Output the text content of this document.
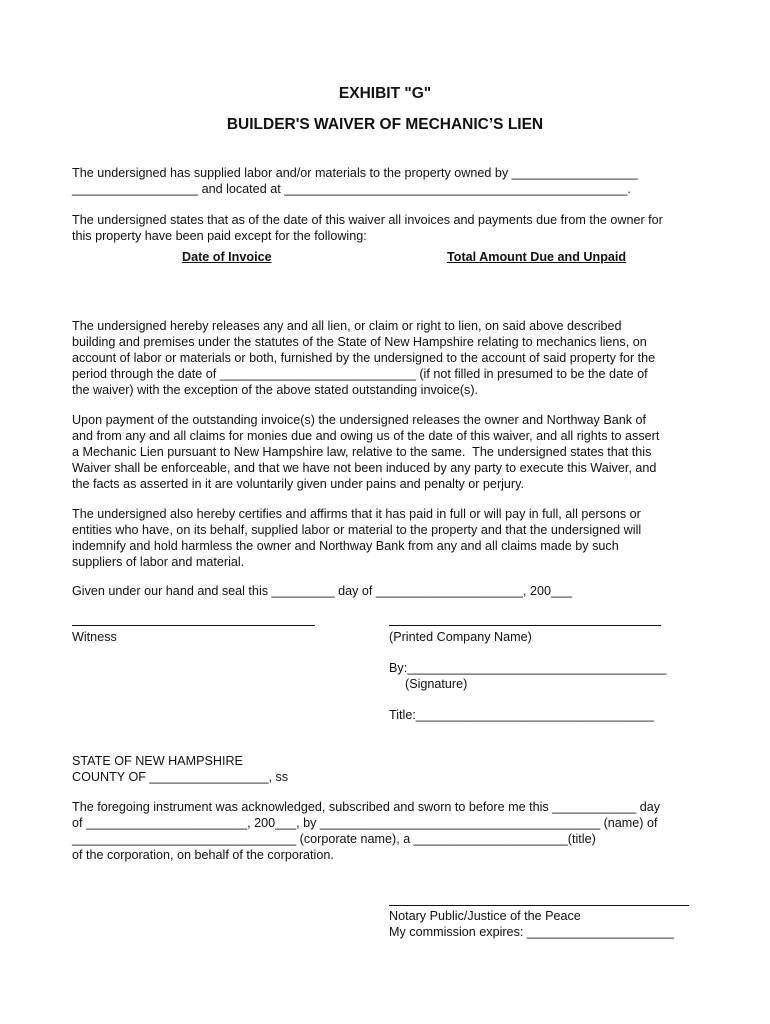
EXHIBIT "G"
BUILDER'S WAIVER OF MECHANIC’S LIEN
The undersigned has supplied labor and/or materials to the property owned by __________________
__________________ and located at _________________________________________________.
The undersigned states that as of the date of this waiver all invoices and payments due from the owner for
this property have been paid except for the following:
Date of Invoice	Total Amount Due and Unpaid
The undersigned hereby releases any and all lien, or claim or right to lien, on said above described
building and premises under the statutes of the State of New Hampshire relating to mechanics liens, on
account of labor or materials or both, furnished by the undersigned to the account of said property for the
period through the date of ____________________________ (if not filled in presumed to be the date of
the waiver) with the exception of the above stated outstanding invoice(s).
Upon payment of the outstanding invoice(s) the undersigned releases the owner and Northway Bank of
and from any and all claims for monies due and owing us of the date of this waiver, and all rights to assert
a Mechanic Lien pursuant to New Hampshire law, relative to the same.  The undersigned states that this
Waiver shall be enforceable, and that we have not been induced by any party to execute this Waiver, and
the facts as asserted in it are voluntarily given under pains and penalty or perjury.
The undersigned also hereby certifies and affirms that it has paid in full or will pay in full, all persons or
entities who have, on its behalf, supplied labor or material to the property and that the undersigned will
indemnify and hold harmless the owner and Northway Bank from any and all claims made by such
suppliers of labor and material.
Given under our hand and seal this _________ day of _____________________, 200___
Witness	(Printed Company Name)
By:_____________________________________
(Signature)
Title:__________________________________
STATE OF NEW HAMPSHIRE
COUNTY OF _________________, ss
The foregoing instrument was acknowledged, subscribed and sworn to before me this ____________ day
of _______________________, 200___, by ________________________________________ (name) of
________________________________ (corporate name), a ______________________(title)
of the corporation, on behalf of the corporation.
Notary Public/Justice of the Peace
My commission expires: _____________________
